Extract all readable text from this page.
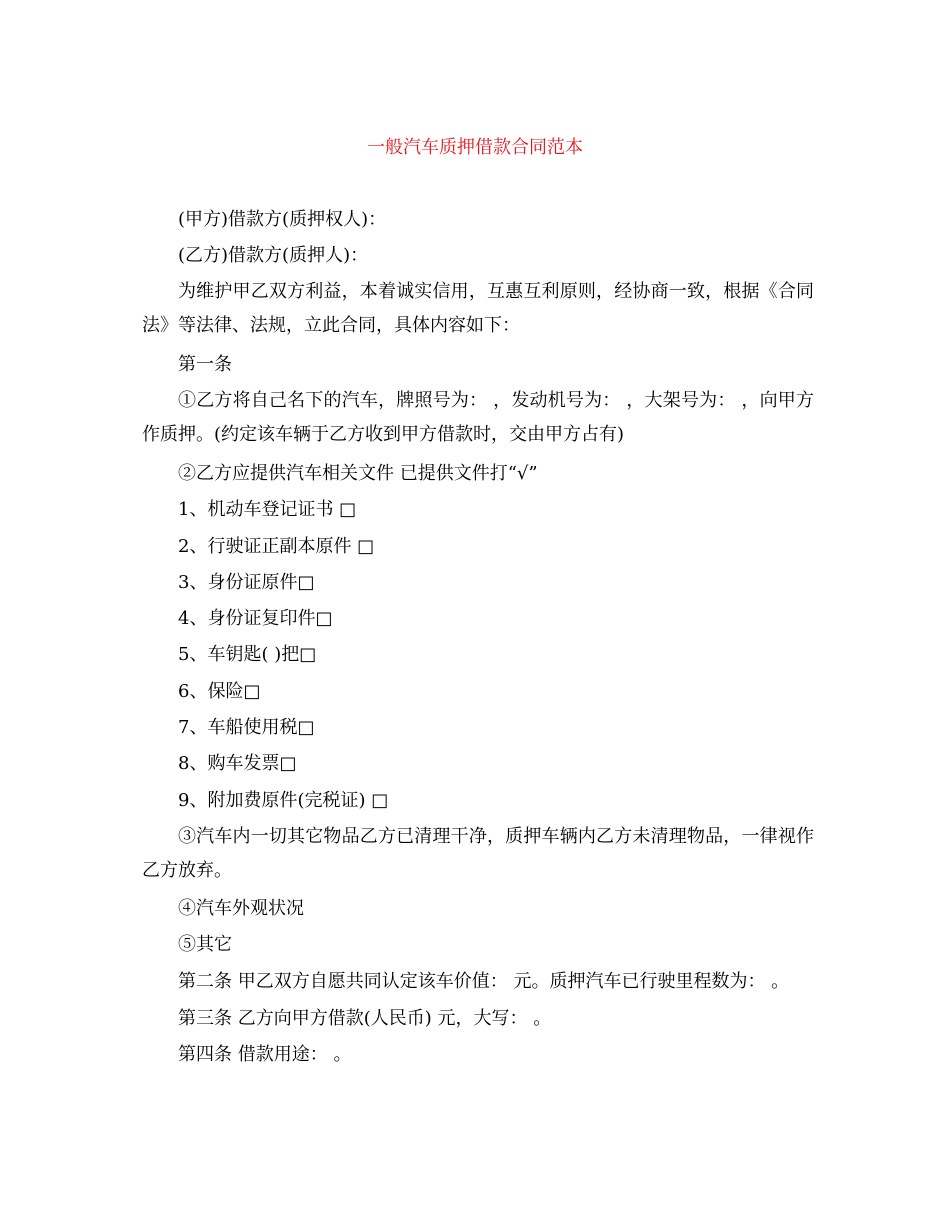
一般汽车质押借款合同范本
(甲方)借款方(质押权人)：
(乙方)借款方(质押人)：
为维护甲乙双方利益，本着诚实信用，互惠互利原则，经协商一致，根据《合同法》等法律、法规，立此合同，具体内容如下：
第一条
①乙方将自己名下的汽车，牌照号为： ，发动机号为： ，大架号为： ，向甲方作质押。(约定该车辆于乙方收到甲方借款时，交由甲方占有)
②乙方应提供汽车相关文件 已提供文件打“√”
1、机动车登记证书 □
2、行驶证正副本原件 □
3、身份证原件□
4、身份证复印件□
5、车钥匙( )把□
6、保险□
7、车船使用税□
8、购车发票□
9、附加费原件(完税证) □
③汽车内一切其它物品乙方已清理干净，质押车辆内乙方未清理物品，一律视作乙方放弃。
④汽车外观状况
⑤其它
第二条 甲乙双方自愿共同认定该车价值： 元。质押汽车已行驶里程数为： 。
第三条 乙方向甲方借款(人民币) 元，大写： 。
第四条 借款用途： 。
